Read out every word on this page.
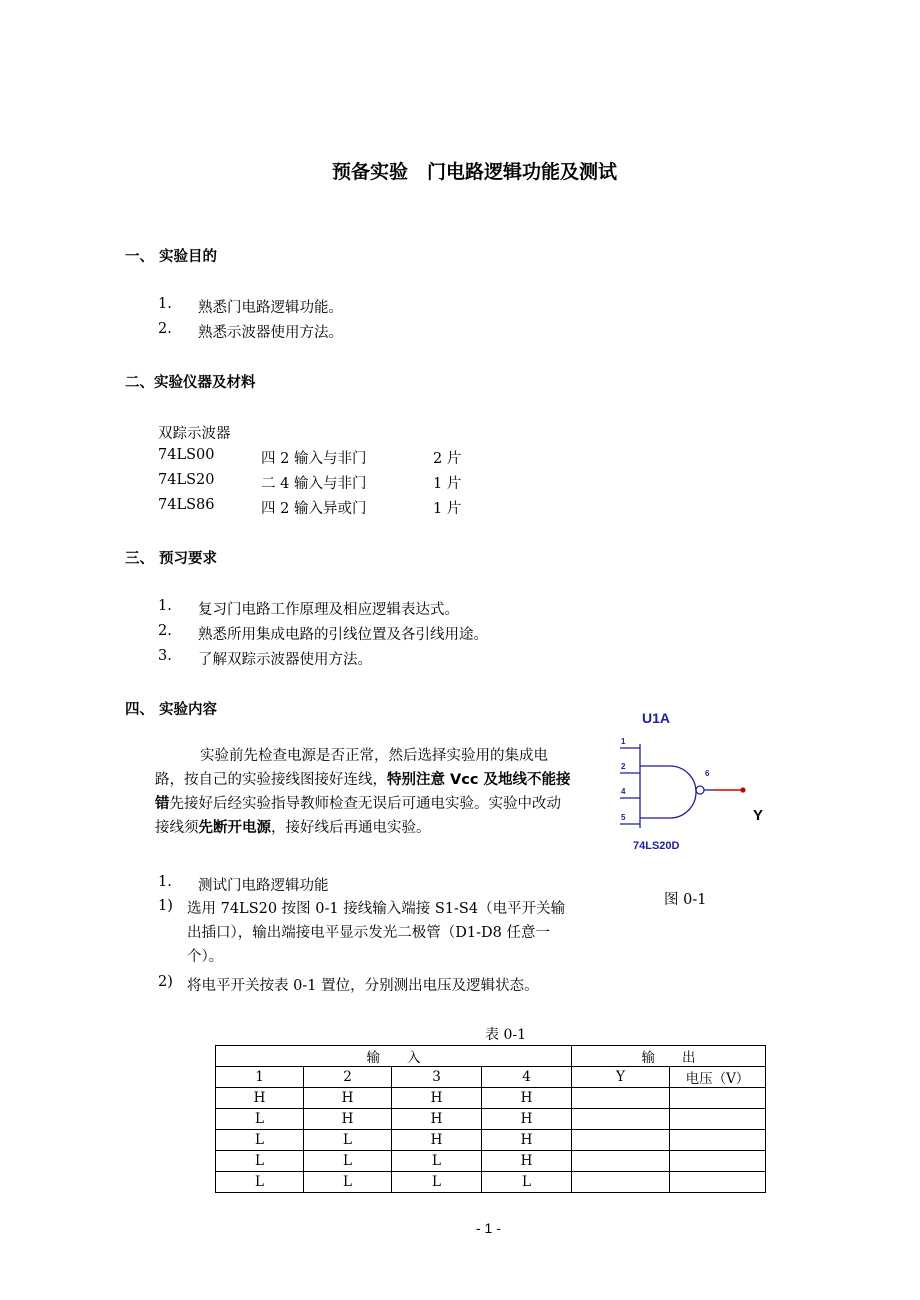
预备实验　门电路逻辑功能及测试
一、 实验目的
1. 熟悉门电路逻辑功能。
2. 熟悉示波器使用方法。
二、实验仪器及材料
双踪示波器
74LS00	四 2 输入与非门	2 片
74LS20	二 4 输入与非门	1 片
74LS86	四 2 输入异或门	1 片
三、 预习要求
1. 复习门电路工作原理及相应逻辑表达式。
2. 熟悉所用集成电路的引线位置及各引线用途。
3. 了解双踪示波器使用方法。
四、 实验内容
实验前先检查电源是否正常，然后选择实验用的集成电路，按自己的实验接线图接好连线，特别注意 Vcc 及地线不能接错先接好后经实验指导教师检查无误后可通电实验。实验中改动接线须先断开电源，接好线后再通电实验。
1. 测试门电路逻辑功能
1) 选用 74LS20 按图 0-1 接线输入端接 S1-S4（电平开关输出插口），输出端接电平显示发光二极管（D1-D8 任意一个）。
2) 将电平开关按表 0-1 置位，分别测出电压及逻辑状态。
U1A
1
2
4
5
6
Y
74LS20D
图 0-1
表 0-1
输　　入				输　　出	
1	2	3	4	Y	电压（V）
H	H	H	H		
L	H	H	H		
L	L	H	H		
L	L	L	H		
L	L	L	L		
- 1 -
